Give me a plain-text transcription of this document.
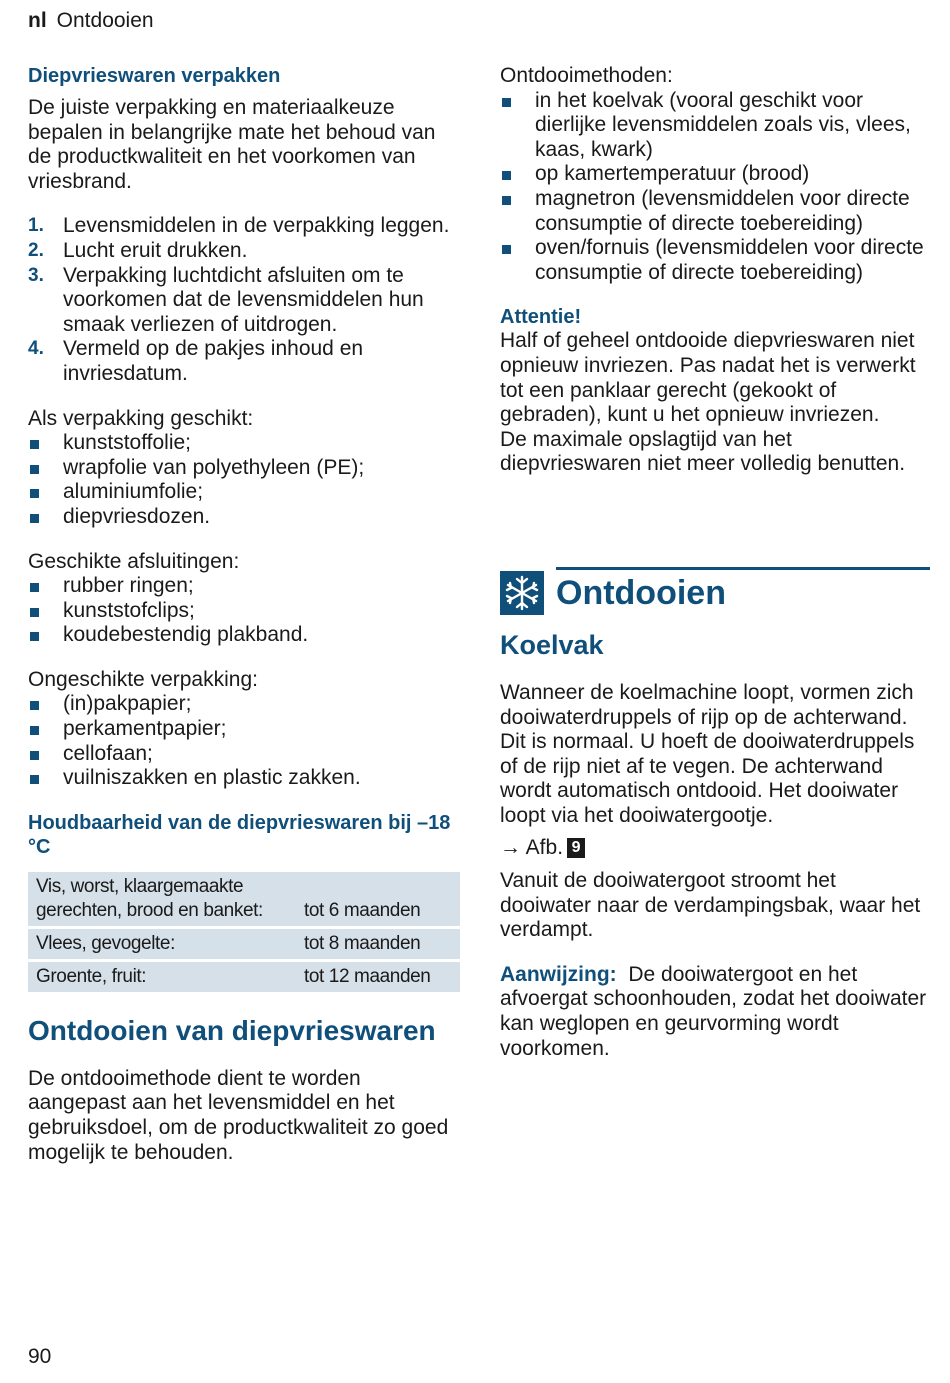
nl Ontdooien

Diepvrieswaren verpakken

De juiste verpakking en materiaalkeuze bepalen in belangrijke mate het behoud van de productkwaliteit en het voorkomen van vriesbrand.

1. Levensmiddelen in de verpakking leggen.
2. Lucht eruit drukken.
3. Verpakking luchtdicht afsluiten om te voorkomen dat de levensmiddelen hun smaak verliezen of uitdrogen.
4. Vermeld op de pakjes inhoud en invriesdatum.

Als verpakking geschikt:

kunststoffolie;
wrapfolie van polyethyleen (PE);
aluminiumfolie;
diepvriesdozen.

Geschikte afsluitingen:

rubber ringen;
kunststofclips;
koudebestendig plakband.

Ongeschikte verpakking:

(in)pakpapier;
perkamentpapier;
cellofaan;
vuilniszakken en plastic zakken.

Houdbaarheid van de diepvrieswaren bij –18 °C

Vis, worst, klaargemaakte gerechten, brood en banket:	tot 6 maanden
Vlees, gevogelte:	tot 8 maanden
Groente, fruit:	tot 12 maanden

Ontdooien van diepvrieswaren

De ontdooimethode dient te worden aangepast aan het levensmiddel en het gebruiksdoel, om de productkwaliteit zo goed mogelijk te behouden.

Ontdooimethoden:

in het koelvak (vooral geschikt voor dierlijke levensmiddelen zoals vis, vlees, kaas, kwark)
op kamertemperatuur (brood)
magnetron (levensmiddelen voor directe consumptie of directe toebereiding)
oven/fornuis (levensmiddelen voor directe consumptie of directe toebereiding)

Attentie!

Half of geheel ontdooide diepvrieswaren niet opnieuw invriezen. Pas nadat het is verwerkt tot een panklaar gerecht (gekookt of gebraden), kunt u het opnieuw invriezen.

De maximale opslagtijd van het diepvrieswaren niet meer volledig benutten.

Ontdooien

Koelvak

Wanneer de koelmachine loopt, vormen zich dooiwaterdruppels of rijp op de achterwand. Dit is normaal. U hoeft de dooiwaterdruppels of de rijp niet af te vegen. De achterwand wordt automatisch ontdooid. Het dooiwater loopt via het dooiwatergootje.

→ Afb. 9

Vanuit de dooiwatergoot stroomt het dooiwater naar de verdampingsbak, waar het verdampt.

Aanwijzing: De dooiwatergoot en het afvoergat schoonhouden, zodat het dooiwater kan weglopen en geurvorming wordt voorkomen.

90
